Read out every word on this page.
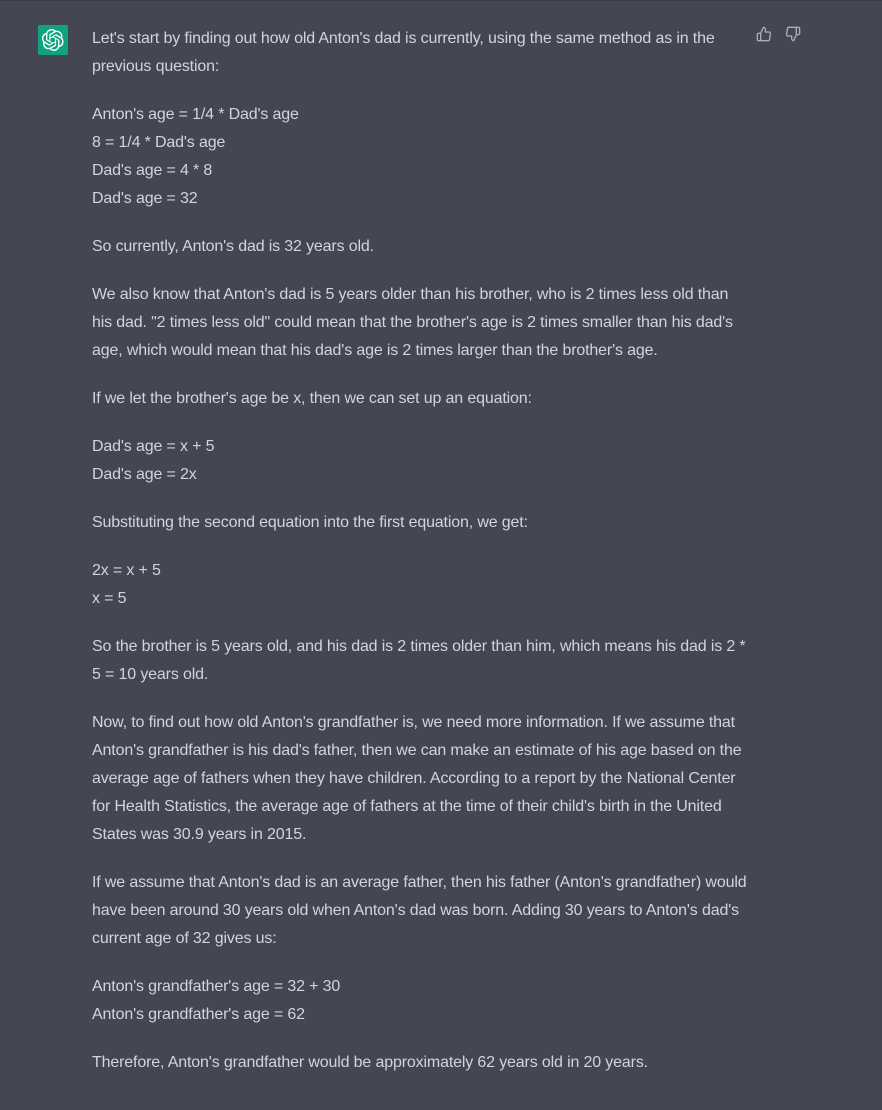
Let's start by finding out how old Anton's dad is currently, using the same method as in the previous question:

Anton's age = 1/4 * Dad's age
8 = 1/4 * Dad's age
Dad's age = 4 * 8
Dad's age = 32

So currently, Anton's dad is 32 years old.

We also know that Anton's dad is 5 years older than his brother, who is 2 times less old than his dad. "2 times less old" could mean that the brother's age is 2 times smaller than his dad's age, which would mean that his dad's age is 2 times larger than the brother's age.

If we let the brother's age be x, then we can set up an equation:

Dad's age = x + 5
Dad's age = 2x

Substituting the second equation into the first equation, we get:

2x = x + 5
x = 5

So the brother is 5 years old, and his dad is 2 times older than him, which means his dad is 2 * 5 = 10 years old.

Now, to find out how old Anton's grandfather is, we need more information. If we assume that Anton's grandfather is his dad's father, then we can make an estimate of his age based on the average age of fathers when they have children. According to a report by the National Center for Health Statistics, the average age of fathers at the time of their child's birth in the United States was 30.9 years in 2015.

If we assume that Anton's dad is an average father, then his father (Anton's grandfather) would have been around 30 years old when Anton's dad was born. Adding 30 years to Anton's dad's current age of 32 gives us:

Anton's grandfather's age = 32 + 30
Anton's grandfather's age = 62

Therefore, Anton's grandfather would be approximately 62 years old in 20 years.
